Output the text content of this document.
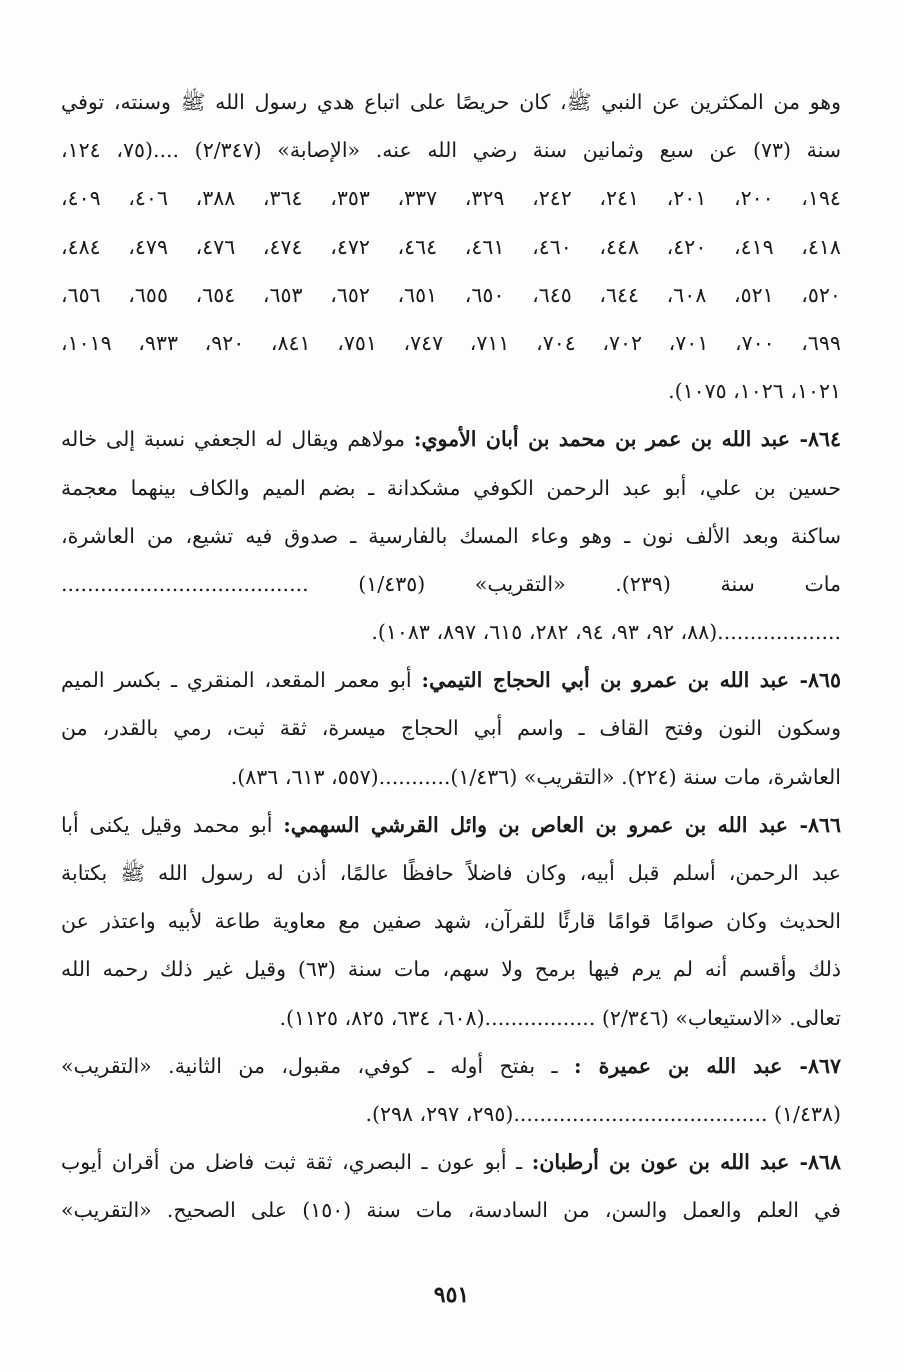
وهو من المكثرين عن النبي ﷺ، كان حريصًا على اتباع هدي رسول الله ﷺ وسنته، توفي
سنة (٧٣) عن سبع وثمانين سنة رضي الله عنه. «الإصابة» (٢/٣٤٧) ....(٧٥، ١٢٤،
١٩٤، ٢٠٠، ٢٠١، ٢٤١، ٢٤٢، ٣٢٩، ٣٣٧، ٣٥٣، ٣٦٤، ٣٨٨، ٤٠٦، ٤٠٩،
٤١٨، ٤١٩، ٤٢٠، ٤٤٨، ٤٦٠، ٤٦١، ٤٦٤، ٤٧٢، ٤٧٤، ٤٧٦، ٤٧٩، ٤٨٤،
٥٢٠، ٥٢١، ٦٠٨، ٦٤٤، ٦٤٥، ٦٥٠، ٦٥١، ٦٥٢، ٦٥٣، ٦٥٤، ٦٥٥، ٦٥٦،
٦٩٩، ٧٠٠، ٧٠١، ٧٠٢، ٧٠٤، ٧١١، ٧٤٧، ٧٥١، ٨٤١، ٩٢٠، ٩٣٣، ١٠١٩،
١٠٢١، ١٠٢٦، ١٠٧٥).
٨٦٤- عبد الله بن عمر بن محمد بن أبان الأموي: مولاهم ويقال له الجعفي نسبة إلى خاله
حسين بن علي، أبو عبد الرحمن الكوفي مشكدانة ـ بضم الميم والكاف بينهما معجمة
ساكنة وبعد الألف نون ـ وهو وعاء المسك بالفارسية ـ صدوق فيه تشيع، من العاشرة،
مات سنة (٢٣٩). «التقريب» (١/٤٣٥) ......................................
...................(٨٨، ٩٢، ٩٣، ٩٤، ٢٨٢، ٦١٥، ٨٩٧، ١٠٨٣).
٨٦٥- عبد الله بن عمرو بن أبي الحجاج التيمي: أبو معمر المقعد، المنقري ـ بكسر الميم
وسكون النون وفتح القاف ـ واسم أبي الحجاج ميسرة، ثقة ثبت، رمي بالقدر، من
العاشرة، مات سنة (٢٢٤). «التقريب» (١/٤٣٦)...........(٥٥٧، ٦١٣، ٨٣٦).
٨٦٦- عبد الله بن عمرو بن العاص بن وائل القرشي السهمي: أبو محمد وقيل يكنى أبا
عبد الرحمن، أسلم قبل أبيه، وكان فاضلاً حافظًا عالمًا، أذن له رسول الله ﷺ بكتابة
الحديث وكان صوامًا قوامًا قارئًا للقرآن، شهد صفين مع معاوية طاعة لأبيه واعتذر عن
ذلك وأقسم أنه لم يرم فيها برمح ولا سهم، مات سنة (٦٣) وقيل غير ذلك رحمه الله
تعالى. «الاستيعاب» (٢/٣٤٦) .................(٦٠٨، ٦٣٤، ٨٢٥، ١١٢٥).
٨٦٧- عبد الله بن عميرة : ـ بفتح أوله ـ كوفي، مقبول، من الثانية. «التقريب»
(١/٤٣٨) .......................................(٢٩٥، ٢٩٧، ٢٩٨).
٨٦٨- عبد الله بن عون بن أرطبان: ـ أبو عون ـ البصري، ثقة ثبت فاضل من أقران أيوب
في العلم والعمل والسن، من السادسة، مات سنة (١٥٠) على الصحيح. «التقريب»
٩٥١
